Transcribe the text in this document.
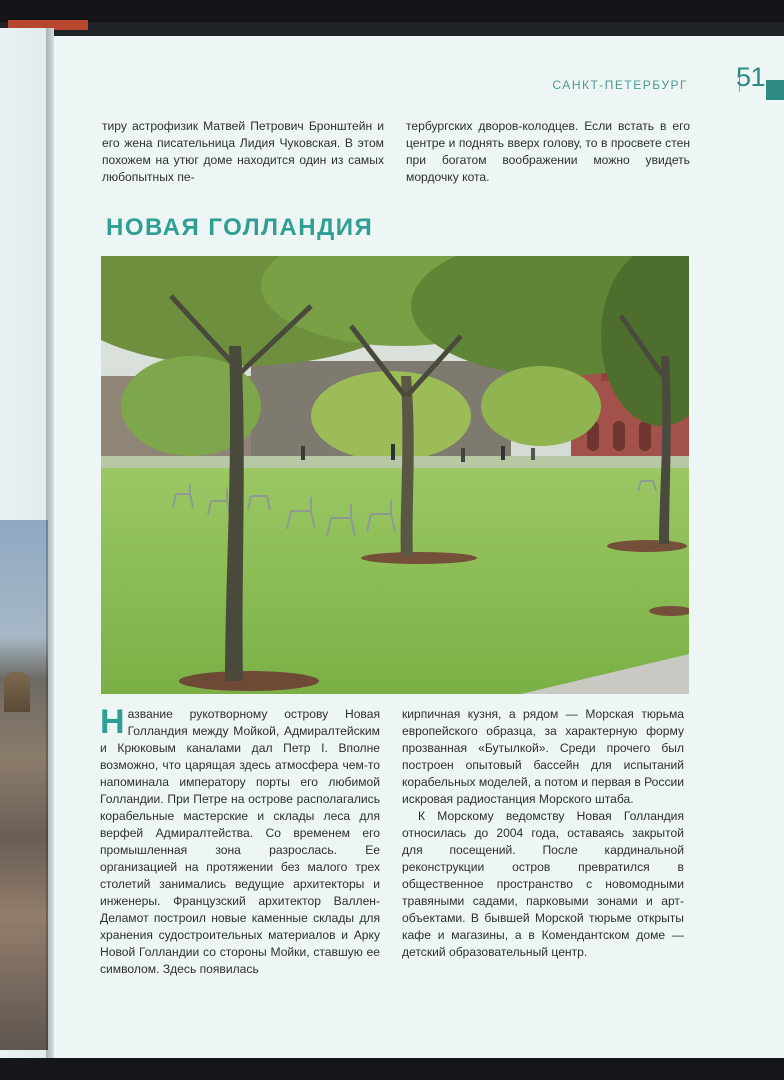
САНКТ-ПЕТЕРБУРГ 51
тиру астрофизик Матвей Петрович Бронштейн и его жена писательница Лидия Чуковская. В этом похожем на утюг доме находится один из самых любопытных пе-
тербургских дворов-колодцев. Если встать в его центре и поднять вверх голову, то в просвете стен при богатом воображении можно увидеть мордочку кота.
НОВАЯ ГОЛЛАНДИЯ

Название рукотворному острову Новая Голландия между Мойкой, Адмиралтейским и Крюковым каналами дал Петр I. Вполне возможно, что царящая здесь атмосфера чем-то напоминала императору порты его любимой Голландии. При Петре на острове располагались корабельные мастерские и склады леса для верфей Адмиралтейства. Со временем его промышленная зона разрослась. Ее организацией на протяжении без малого трех столетий занимались ведущие архитекторы и инженеры. Французский архитектор Валлен-Деламот построил новые каменные склады для хранения судостроительных материалов и Арку Новой Голландии со стороны Мойки, ставшую ее символом. Здесь появилась

кирпичная кузня, а рядом — Морская тюрьма европейского образца, за характерную форму прозванная «Бутылкой». Среди прочего был построен опытовый бассейн для испытаний корабельных моделей, а потом и первая в России искровая радиостанция Морского штаба.

К Морскому ведомству Новая Голландия относилась до 2004 года, оставаясь закрытой для посещений. После кардинальной реконструкции остров превратился в общественное пространство с новомодными травяными садами, парковыми зонами и арт-объектами. В бывшей Морской тюрьме открыты кафе и магазины, а в Комендантском доме — детский образовательный центр.
